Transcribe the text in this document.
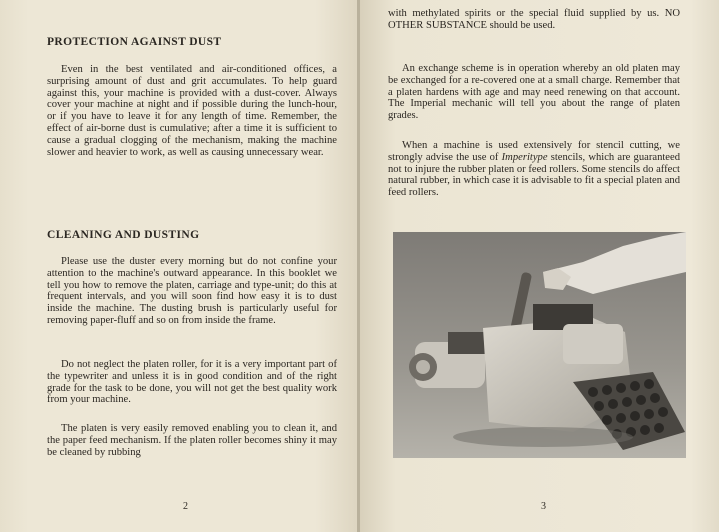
PROTECTION AGAINST DUST

Even in the best ventilated and air-conditioned offices, a surprising amount of dust and grit accumulates. To help guard against this, your machine is provided with a dust-cover. Always cover your machine at night and if possible during the lunch-hour, or if you have to leave it for any length of time. Remember, the effect of air-borne dust is cumulative; after a time it is sufficient to cause a gradual clogging of the mechanism, making the machine slower and heavier to work, as well as causing unnecessary wear.

CLEANING AND DUSTING

Please use the duster every morning but do not confine your attention to the machine's outward appearance. In this booklet we tell you how to remove the platen, carriage and type-unit; do this at frequent intervals, and you will soon find how easy it is to dust inside the machine. The dusting brush is particularly useful for removing paper-fluff and so on from inside the frame.

Do not neglect the platen roller, for it is a very important part of the typewriter and unless it is in good condition and of the right grade for the task to be done, you will not get the best quality work from your machine.

The platen is very easily removed enabling you to clean it, and the paper feed mechanism. If the platen roller becomes shiny it may be cleaned by rubbing

2

with methylated spirits or the special fluid supplied by us. NO OTHER SUBSTANCE should be used.

An exchange scheme is in operation whereby an old platen may be exchanged for a re-covered one at a small charge. Remember that a platen hardens with age and may need renewing on that account. The Imperial mechanic will tell you about the range of platen grades.

When a machine is used extensively for stencil cutting, we strongly advise the use of Imperitype stencils, which are guaranteed not to injure the rubber platen or feed rollers. Some stencils do affect natural rubber, in which case it is advisable to fit a special platen and feed rollers.

3
